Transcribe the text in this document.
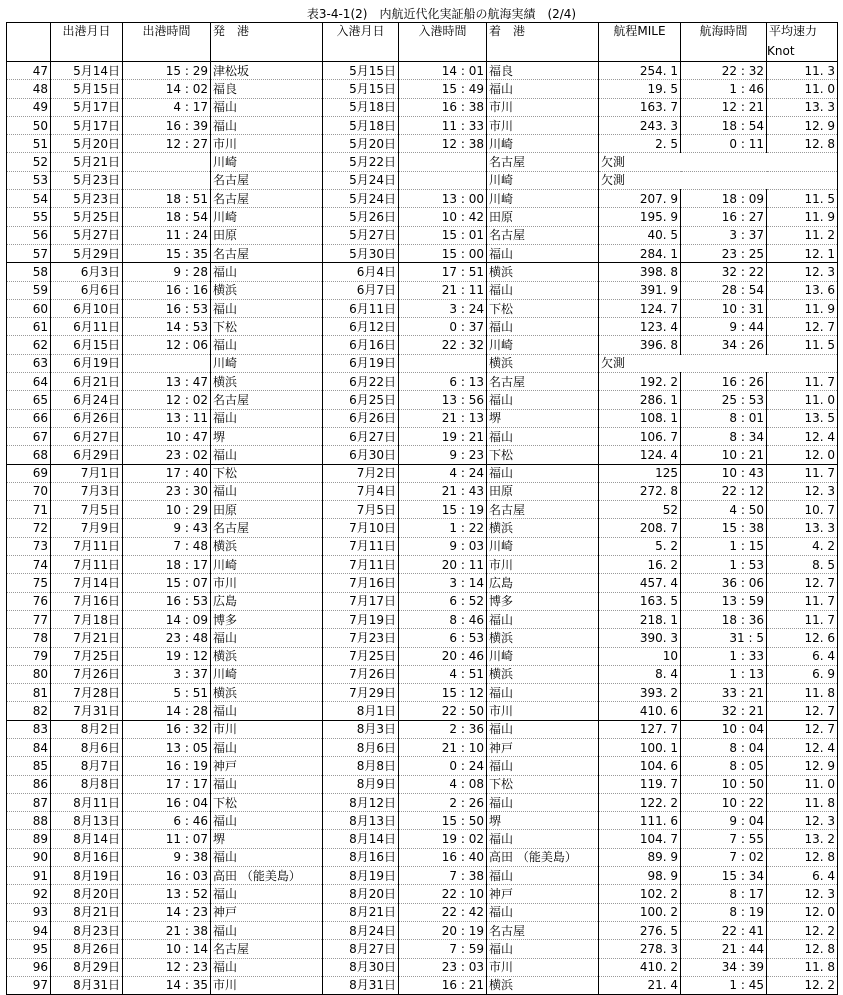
表3-4-1(2)　内航近代化実証船の航海実績　(2/4)
	出港月日	出港時間	発　港	入港月日	入港時間	着　港	航程MILE	航海時間	平均速力
									Knot
47	5月14日	15 : 29	津松坂	5月15日	14 : 01	福良	254. 1	22 : 32	11. 3
48	5月15日	14 : 02	福良	5月15日	15 : 49	福山	19. 5	1 : 46	11. 0
49	5月17日	4 : 17	福山	5月18日	16 : 38	市川	163. 7	12 : 21	13. 3
50	5月17日	16 : 39	福山	5月18日	11 : 33	市川	243. 3	18 : 54	12. 9
51	5月20日	12 : 27	市川	5月20日	12 : 38	川崎	2. 5	0 : 11	12. 8
52	5月21日		川崎	5月22日		名古屋	欠測		
53	5月23日		名古屋	5月24日		川崎	欠測		
54	5月23日	18 : 51	名古屋	5月24日	13 : 00	川崎	207. 9	18 : 09	11. 5
55	5月25日	18 : 54	川崎	5月26日	10 : 42	田原	195. 9	16 : 27	11. 9
56	5月27日	11 : 24	田原	5月27日	15 : 01	名古屋	40. 5	3 : 37	11. 2
57	5月29日	15 : 35	名古屋	5月30日	15 : 00	福山	284. 1	23 : 25	12. 1
58	6月3日	9 : 28	福山	6月4日	17 : 51	横浜	398. 8	32 : 22	12. 3
59	6月6日	16 : 16	横浜	6月7日	21 : 11	福山	391. 9	28 : 54	13. 6
60	6月10日	16 : 53	福山	6月11日	3 : 24	下松	124. 7	10 : 31	11. 9
61	6月11日	14 : 53	下松	6月12日	0 : 37	福山	123. 4	9 : 44	12. 7
62	6月15日	12 : 06	福山	6月16日	22 : 32	川崎	396. 8	34 : 26	11. 5
63	6月19日		川崎	6月19日		横浜	欠測		
64	6月21日	13 : 47	横浜	6月22日	6 : 13	名古屋	192. 2	16 : 26	11. 7
65	6月24日	12 : 02	名古屋	6月25日	13 : 56	福山	286. 1	25 : 53	11. 0
66	6月26日	13 : 11	福山	6月26日	21 : 13	堺	108. 1	8 : 01	13. 5
67	6月27日	10 : 47	堺	6月27日	19 : 21	福山	106. 7	8 : 34	12. 4
68	6月29日	23 : 02	福山	6月30日	9 : 23	下松	124. 4	10 : 21	12. 0
69	7月1日	17 : 40	下松	7月2日	4 : 24	福山	125	10 : 43	11. 7
70	7月3日	23 : 30	福山	7月4日	21 : 43	田原	272. 8	22 : 12	12. 3
71	7月5日	10 : 29	田原	7月5日	15 : 19	名古屋	52	4 : 50	10. 7
72	7月9日	9 : 43	名古屋	7月10日	1 : 22	横浜	208. 7	15 : 38	13. 3
73	7月11日	7 : 48	横浜	7月11日	9 : 03	川崎	5. 2	1 : 15	4. 2
74	7月11日	18 : 17	川崎	7月11日	20 : 11	市川	16. 2	1 : 53	8. 5
75	7月14日	15 : 07	市川	7月16日	3 : 14	広島	457. 4	36 : 06	12. 7
76	7月16日	16 : 53	広島	7月17日	6 : 52	博多	163. 5	13 : 59	11. 7
77	7月18日	14 : 09	博多	7月19日	8 : 46	福山	218. 1	18 : 36	11. 7
78	7月21日	23 : 48	福山	7月23日	6 : 53	横浜	390. 3	31 : 5	12. 6
79	7月25日	19 : 12	横浜	7月25日	20 : 46	川崎	10	1 : 33	6. 4
80	7月26日	3 : 37	川崎	7月26日	4 : 51	横浜	8. 4	1 : 13	6. 9
81	7月28日	5 : 51	横浜	7月29日	15 : 12	福山	393. 2	33 : 21	11. 8
82	7月31日	14 : 28	福山	8月1日	22 : 50	市川	410. 6	32 : 21	12. 7
83	8月2日	16 : 32	市川	8月3日	2 : 36	福山	127. 7	10 : 04	12. 7
84	8月6日	13 : 05	福山	8月6日	21 : 10	神戸	100. 1	8 : 04	12. 4
85	8月7日	16 : 19	神戸	8月8日	0 : 24	福山	104. 6	8 : 05	12. 9
86	8月8日	17 : 17	福山	8月9日	4 : 08	下松	119. 7	10 : 50	11. 0
87	8月11日	16 : 04	下松	8月12日	2 : 26	福山	122. 2	10 : 22	11. 8
88	8月13日	6 : 46	福山	8月13日	15 : 50	堺	111. 6	9 : 04	12. 3
89	8月14日	11 : 07	堺	8月14日	19 : 02	福山	104. 7	7 : 55	13. 2
90	8月16日	9 : 38	福山	8月16日	16 : 40	高田 （能美島）	89. 9	7 : 02	12. 8
91	8月19日	16 : 03	高田 （能美島）	8月19日	7 : 38	福山	98. 9	15 : 34	6. 4
92	8月20日	13 : 52	福山	8月20日	22 : 10	神戸	102. 2	8 : 17	12. 3
93	8月21日	14 : 23	神戸	8月21日	22 : 42	福山	100. 2	8 : 19	12. 0
94	8月23日	21 : 38	福山	8月24日	20 : 19	名古屋	276. 5	22 : 41	12. 2
95	8月26日	10 : 14	名古屋	8月27日	7 : 59	福山	278. 3	21 : 44	12. 8
96	8月29日	12 : 23	福山	8月30日	23 : 03	市川	410. 2	34 : 39	11. 8
97	8月31日	14 : 35	市川	8月31日	16 : 21	横浜	21. 4	1 : 45	12. 2
